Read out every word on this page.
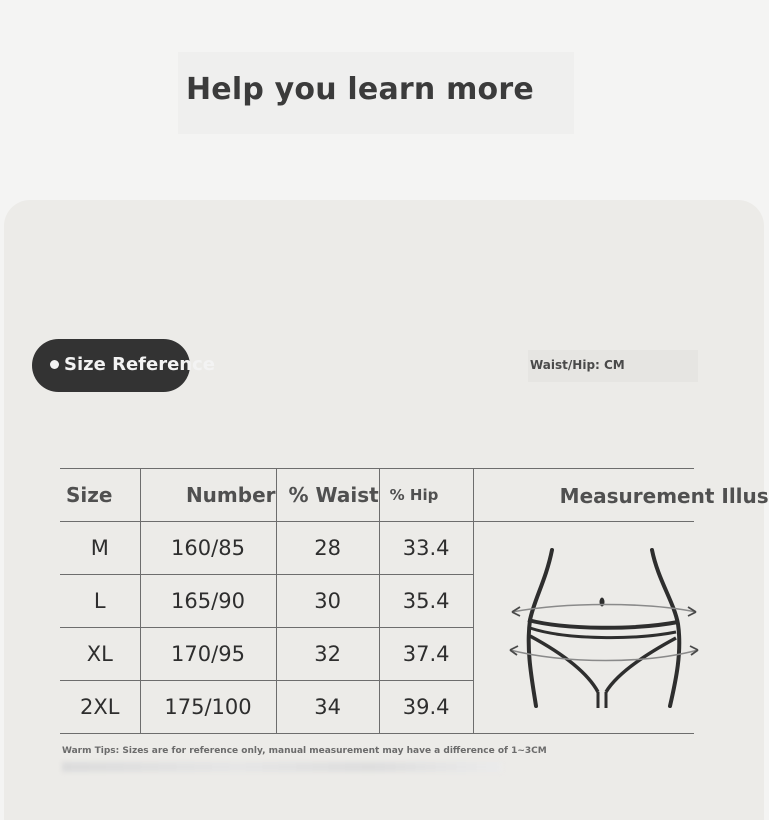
Help you learn more
Size Reference	Waist/Hip: CM
Size	Number	% Waist	% Hip	Measurement Illus
M	160/85	28	33.4	
L	165/90	30	35.4	
XL	170/95	32	37.4	
2XL	175/100	34	39.4	
Warm Tips: Sizes are for reference only, manual measurement may have a difference of 1~3CM
